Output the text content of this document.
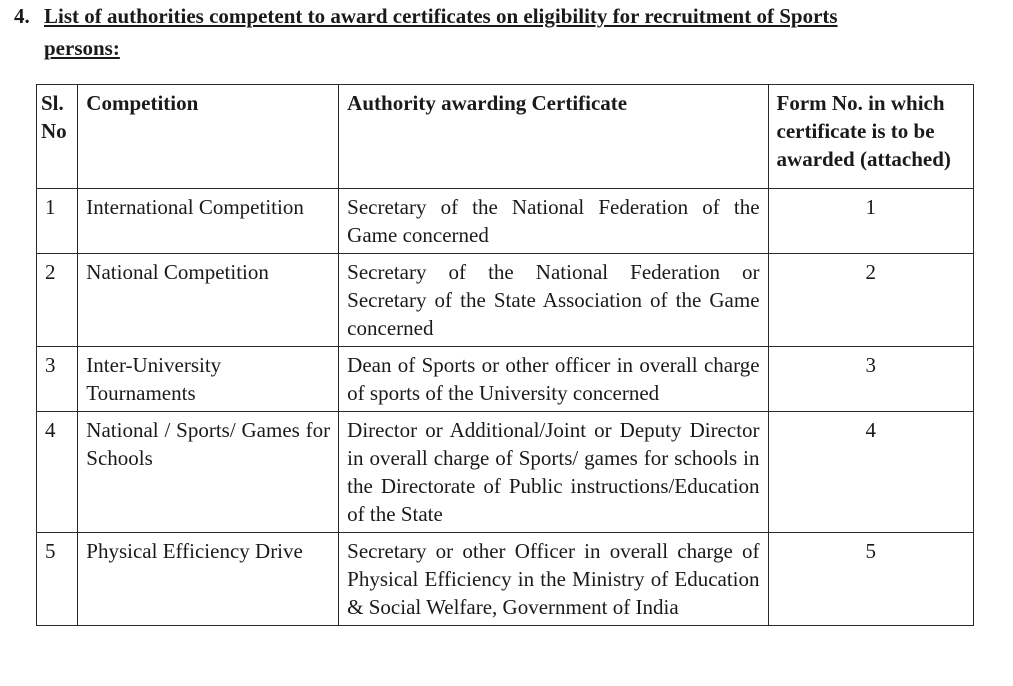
4. List of authorities competent to award certificates on eligibility for recruitment of Sports
persons:
Sl. No	Competition	Authority awarding Certificate	Form No. in which certificate is to be awarded (attached)
1	International Competition	Secretary of the National Federation of the Game concerned	1
2	National Competition	Secretary of the National Federation or Secretary of the State Association of the Game concerned	2
3	Inter-University Tournaments	Dean of Sports or other officer in overall charge of sports of the University concerned	3
4	National / Sports/ Games for Schools	Director or Additional/Joint or Deputy Director in overall charge of Sports/ games for schools in the Directorate of Public instructions/Education of the State	4
5	Physical Efficiency Drive	Secretary or other Officer in overall charge of Physical Efficiency in the Ministry of Education & Social Welfare, Government of India	5
